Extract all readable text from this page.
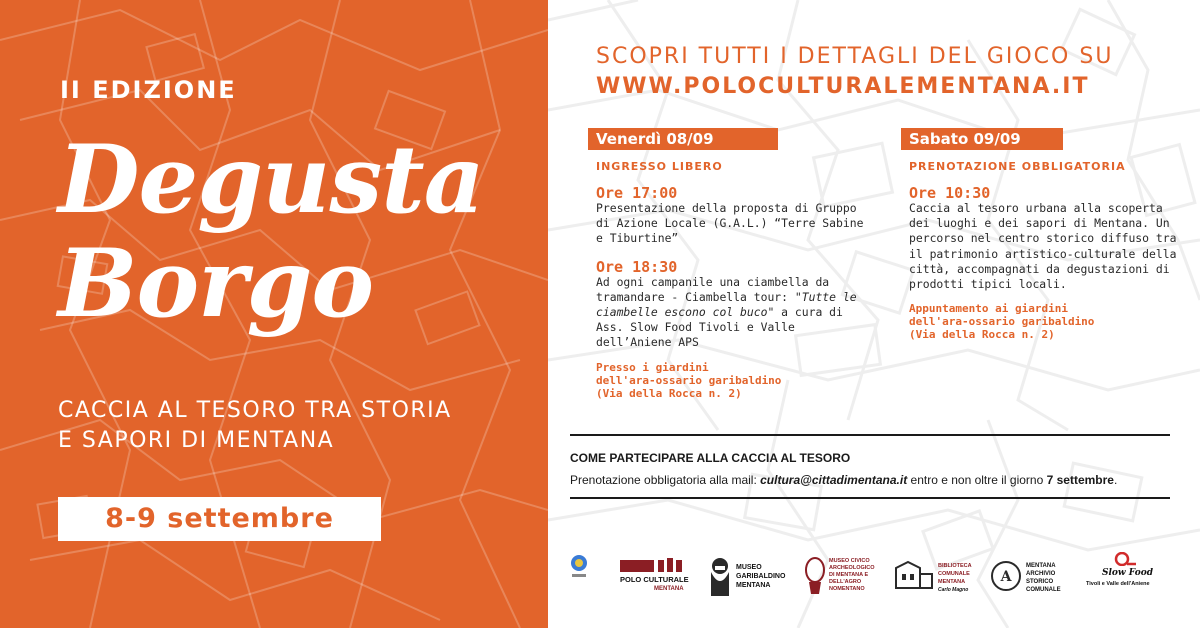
II EDIZIONE
Degusta
Borgo
CACCIA AL TESORO TRA STORIA
E SAPORI DI MENTANA
8-9 settembre
SCOPRI TUTTI I DETTAGLI DEL GIOCO SU
WWW.POLOCULTURALEMENTANA.IT
Venerdì 08/09
INGRESSO LIBERO
Ore 17:00
Presentazione della proposta di Gruppo di Azione Locale (G.A.L.) “Terre Sabine e Tiburtine”
Ore 18:30
Ad ogni campanile una ciambella da tramandare - Ciambella tour: "Tutte le ciambelle escono col buco" a cura di Ass. Slow Food Tivoli e Valle dell’Aniene APS
Presso i giardini
dell'ara-ossario garibaldino
(Via della Rocca n. 2)
Sabato 09/09
PRENOTAZIONE OBBLIGATORIA
Ore 10:30
Caccia al tesoro urbana alla scoperta dei luoghi e dei sapori di Mentana. Un percorso nel centro storico diffuso tra il patrimonio artistico-culturale della città, accompagnati da degustazioni di prodotti tipici locali.
Appuntamento ai giardini
dell'ara-ossario garibaldino
(Via della Rocca n. 2)
COME PARTECIPARE ALLA CACCIA AL TESORO
Prenotazione obbligatoria alla mail: cultura@cittadimentana.it entro e non oltre il giorno 7 settembre.
POLO CULTURALE
MENTANA
MUSEO
GARIBALDINO
MENTANA
MUSEO CIVICO
ARCHEOLOGICO
DI MENTANA E
DELL'AGRO
NOMENTANO
BIBLIOTECA
COMUNALE
MENTANA
Carlo Magno
A
MENTANA
ARCHIVIO
STORICO
COMUNALE
Slow Food
Tivoli e Valle dell'Aniene
